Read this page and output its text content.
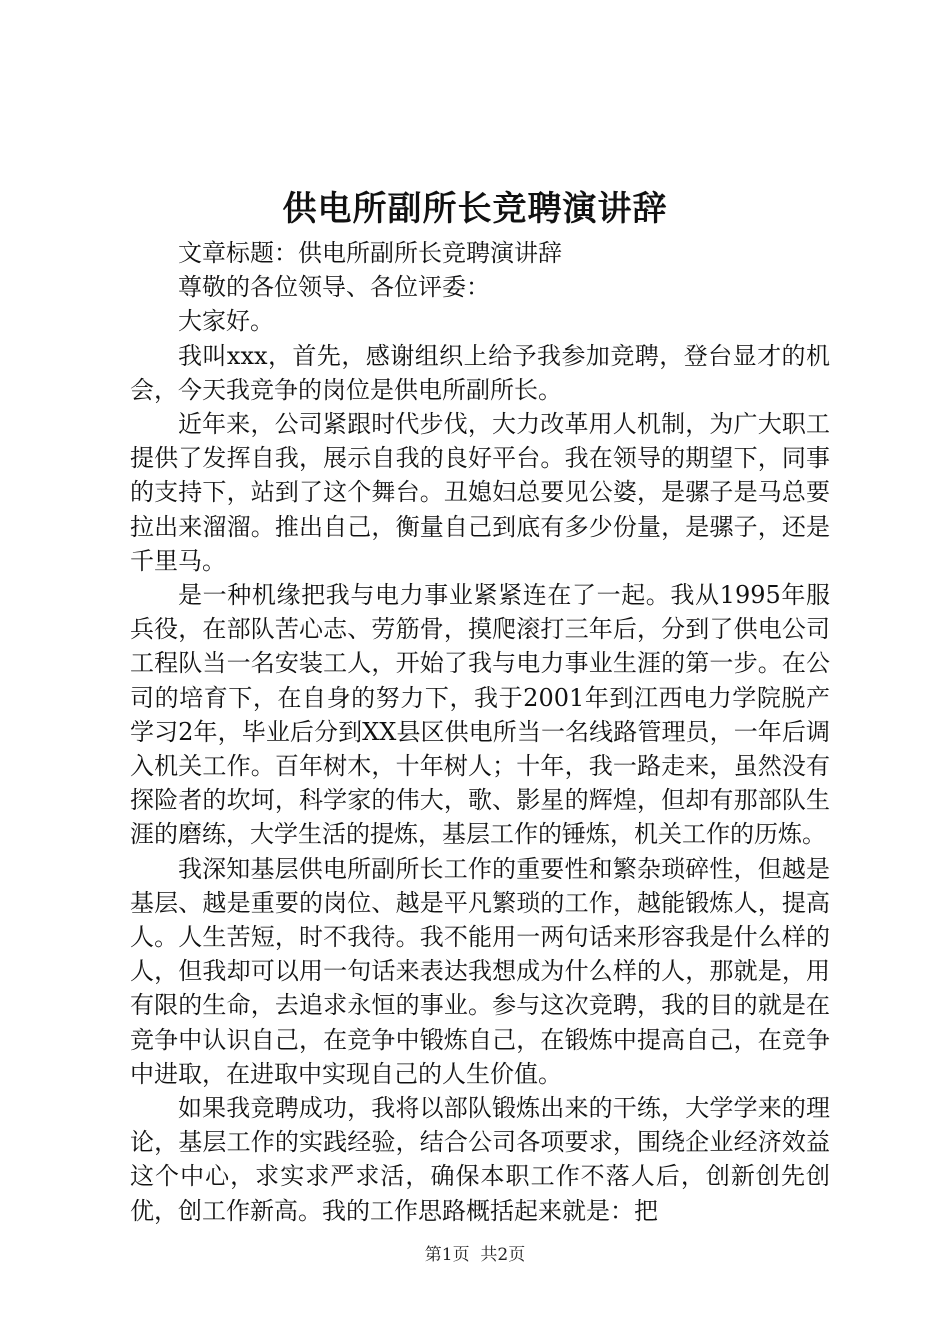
供电所副所长竞聘演讲辞

文章标题：供电所副所长竞聘演讲辞

尊敬的各位领导、各位评委：

大家好。

我叫xxx，首先，感谢组织上给予我参加竞聘，登台显才的机会，今天我竞争的岗位是供电所副所长。

近年来，公司紧跟时代步伐，大力改革用人机制，为广大职工提供了发挥自我，展示自我的良好平台。我在领导的期望下，同事的支持下，站到了这个舞台。丑媳妇总要见公婆，是骡子是马总要拉出来溜溜。推出自己，衡量自己到底有多少份量，是骡子，还是千里马。

是一种机缘把我与电力事业紧紧连在了一起。我从1995年服兵役，在部队苦心志、劳筋骨，摸爬滚打三年后，分到了供电公司工程队当一名安装工人，开始了我与电力事业生涯的第一步。在公司的培育下，在自身的努力下，我于2001年到江西电力学院脱产学习2年，毕业后分到XX县区供电所当一名线路管理员，一年后调入机关工作。百年树木，十年树人；十年，我一路走来，虽然没有探险者的坎坷，科学家的伟大，歌、影星的辉煌，但却有那部队生涯的磨练，大学生活的提炼，基层工作的锤炼，机关工作的历炼。

我深知基层供电所副所长工作的重要性和繁杂琐碎性，但越是基层、越是重要的岗位、越是平凡繁琐的工作，越能锻炼人，提高人。人生苦短，时不我待。我不能用一两句话来形容我是什么样的人，但我却可以用一句话来表达我想成为什么样的人，那就是，用有限的生命，去追求永恒的事业。参与这次竞聘，我的目的就是在竞争中认识自己，在竞争中锻炼自己，在锻炼中提高自己，在竞争中进取，在进取中实现自己的人生价值。

如果我竞聘成功，我将以部队锻炼出来的干练，大学学来的理论，基层工作的实践经验，结合公司各项要求，围绕企业经济效益这个中心，求实求严求活，确保本职工作不落人后，创新创先创优，创工作新高。我的工作思路概括起来就是：把

第1页 共2页
